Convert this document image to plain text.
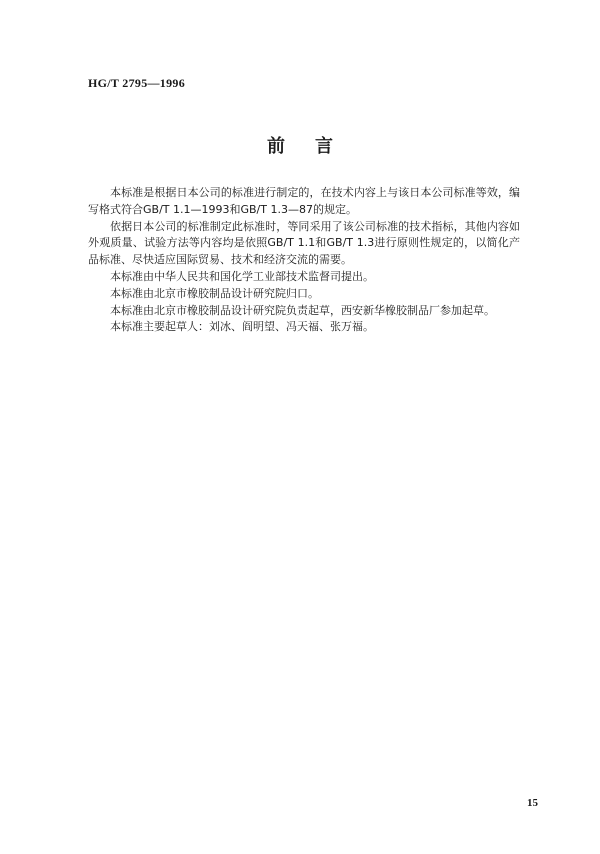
HG/T 2795—1996
前言

本标准是根据日本公司的标准进行制定的，在技术内容上与该日本公司标准等效，编写格式符合GB/T 1.1—1993和GB/T 1.3—87的规定。

依据日本公司的标准制定此标准时，等同采用了该公司标准的技术指标，其他内容如外观质量、试验方法等内容均是依照GB/T 1.1和GB/T 1.3进行原则性规定的，以简化产品标准、尽快适应国际贸易、技术和经济交流的需要。

本标准由中华人民共和国化学工业部技术监督司提出。

本标准由北京市橡胶制品设计研究院归口。

本标准由北京市橡胶制品设计研究院负责起草，西安新华橡胶制品厂参加起草。

本标准主要起草人：刘冰、阎明望、冯天福、张万福。

15
